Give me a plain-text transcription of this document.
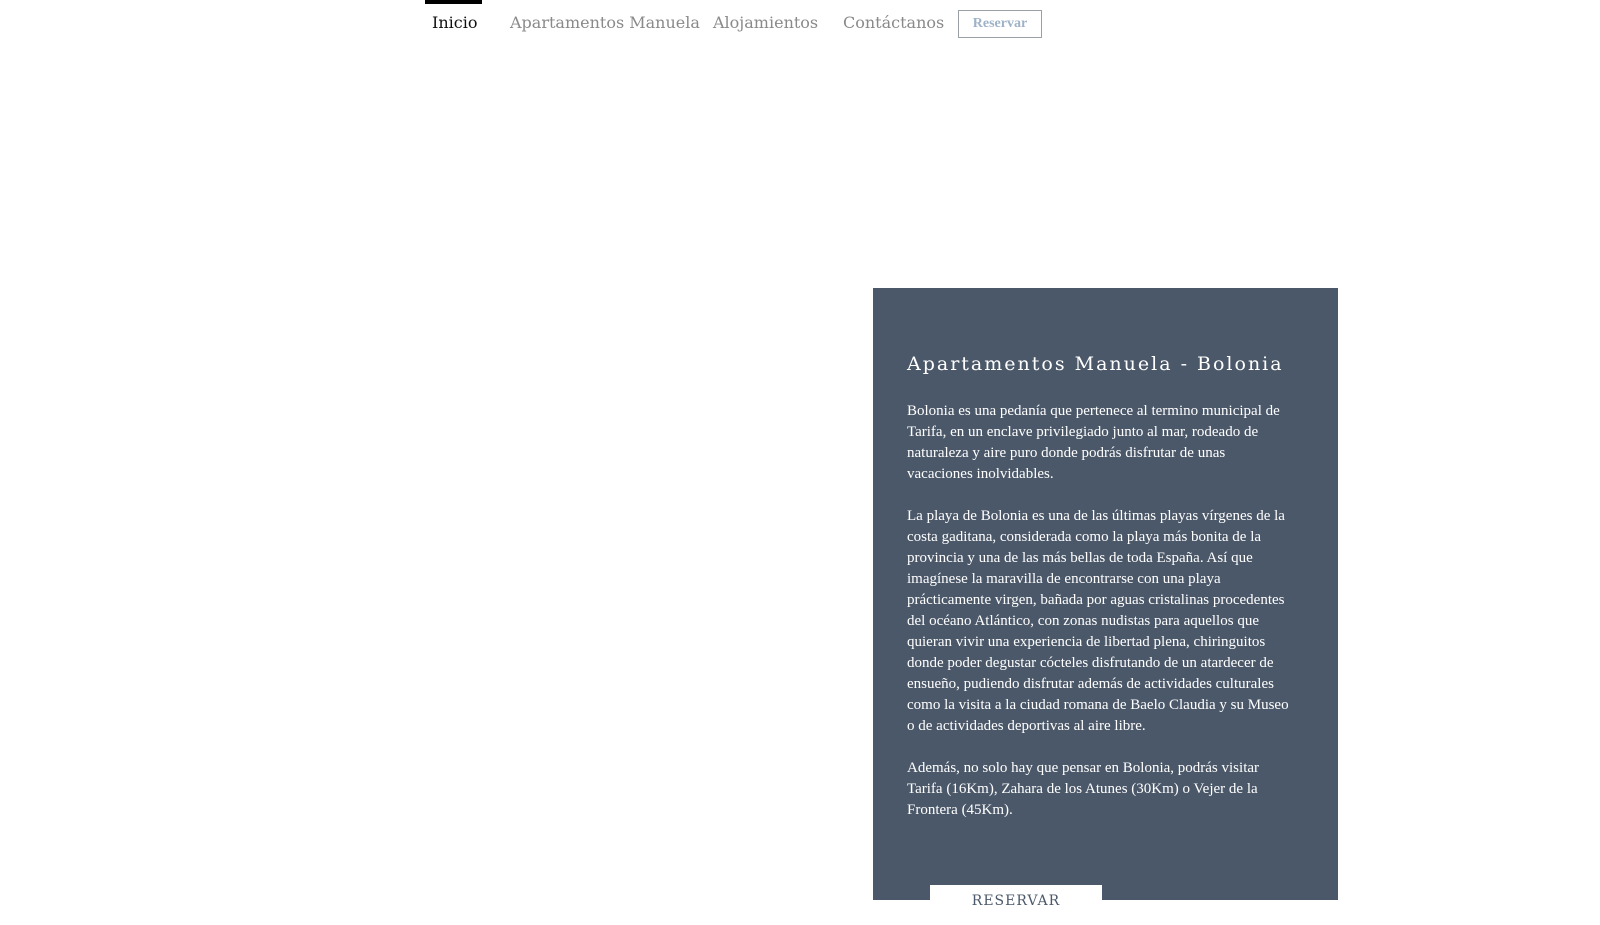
Inicio Apartamentos Manuela Alojamientos Contáctanos	Reservar
Apartamentos Manuela - Bolonia

Bolonia es una pedanía que pertenece al termino municipal de Tarifa, en un enclave privilegiado junto al mar, rodeado de naturaleza y aire puro donde podrás disfrutar de unas vacaciones inolvidables.

La playa de Bolonia es una de las últimas playas vírgenes de la costa gaditana, considerada como la playa más bonita de la provincia y una de las más bellas de toda España. Así que imagínese la maravilla de encontrarse con una playa prácticamente virgen, bañada por aguas cristalinas procedentes del océano Atlántico, con zonas nudistas para aquellos que quieran vivir una experiencia de libertad plena, chiringuitos donde poder degustar cócteles disfrutando de un atardecer de ensueño, pudiendo disfrutar además de actividades culturales como la visita a la ciudad romana de Baelo Claudia y su Museo o de actividades deportivas al aire libre.

Además, no solo hay que pensar en Bolonia, podrás visitar Tarifa (16Km), Zahara de los Atunes (30Km) o Vejer de la Frontera (45Km).

RESERVAR
